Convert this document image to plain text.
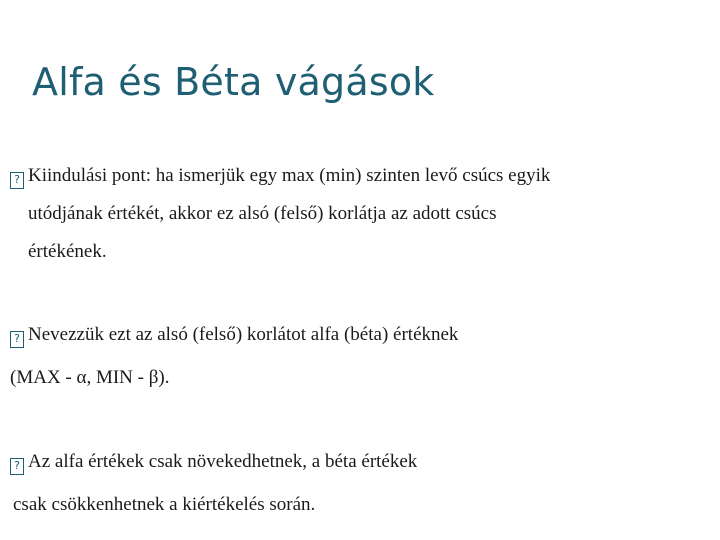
Alfa és Béta vágások
? Kiindulási pont: ha ismerjük egy max (min) szinten levő csúcs egyik
utódjának értékét, akkor ez alsó (felső) korlátja az adott csúcs
értékének.
? Nevezzük ezt az alsó (felső) korlátot alfa (béta) értéknek
(MAX - α, MIN - β).
? Az alfa értékek csak növekedhetnek, a béta értékek
csak csökkenhetnek a kiértékelés során.
